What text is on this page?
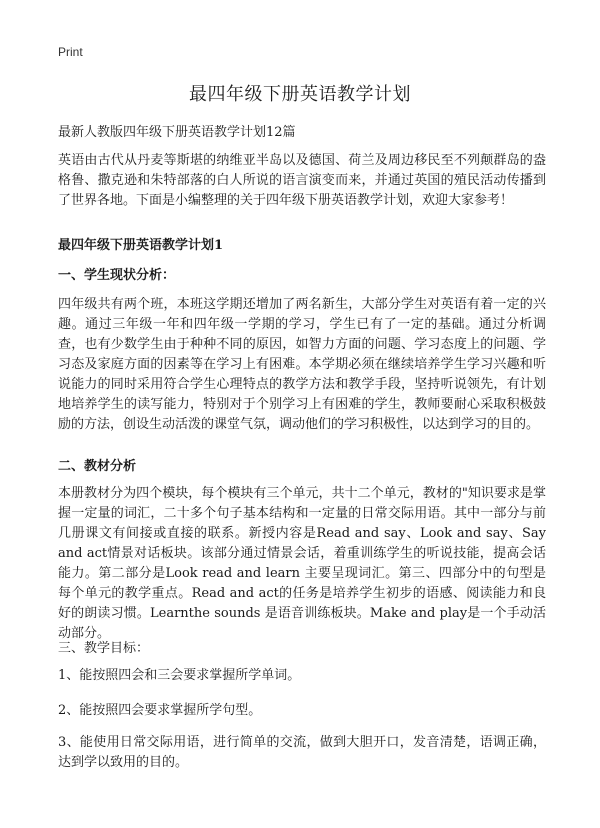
Print
最四年级下册英语教学计划
最新人教版四年级下册英语教学计划12篇

英语由古代从丹麦等斯堪的纳维亚半岛以及德国、荷兰及周边移民至不列颠群岛的盎格鲁、撒克逊和朱特部落的白人所说的语言演变而来，并通过英国的殖民活动传播到了世界各地。下面是小编整理的关于四年级下册英语教学计划，欢迎大家参考！

最四年级下册英语教学计划1
一、学生现状分析：

四年级共有两个班，本班这学期还增加了两名新生，大部分学生对英语有着一定的兴趣。通过三年级一年和四年级一学期的学习，学生已有了一定的基础。通过分析调查，也有少数学生由于种种不同的原因，如智力方面的问题、学习态度上的问题、学习态及家庭方面的因素等在学习上有困难。本学期必须在继续培养学生学习兴趣和听说能力的同时采用符合学生心理特点的教学方法和教学手段，坚持听说领先，有计划地培养学生的读写能力，特别对于个别学习上有困难的学生，教师要耐心采取积极鼓励的方法，创设生动活泼的课堂气氛，调动他们的学习积极性，以达到学习的目的。

二、教材分析

本册教材分为四个模块，每个模块有三个单元，共十二个单元，教材的"知识要求是掌握一定量的词汇，二十多个句子基本结构和一定量的日常交际用语。其中一部分与前几册课文有间接或直接的联系。新授内容是Read and say、Look and say、Say and act情景对话板块。该部分通过情景会话，着重训练学生的听说技能，提高会话能力。第二部分是Look read and learn 主要呈现词汇。第三、四部分中的句型是每个单元的教学重点。Read and act的任务是培养学生初步的语感、阅读能力和良好的朗读习惯。Learnthe sounds 是语音训练板块。Make and play是一个手动活动部分。

三、教学目标：

1、能按照四会和三会要求掌握所学单词。

2、能按照四会要求掌握所学句型。

3、能使用日常交际用语，进行简单的交流，做到大胆开口，发音清楚，语调正确，达到学以致用的目的。
